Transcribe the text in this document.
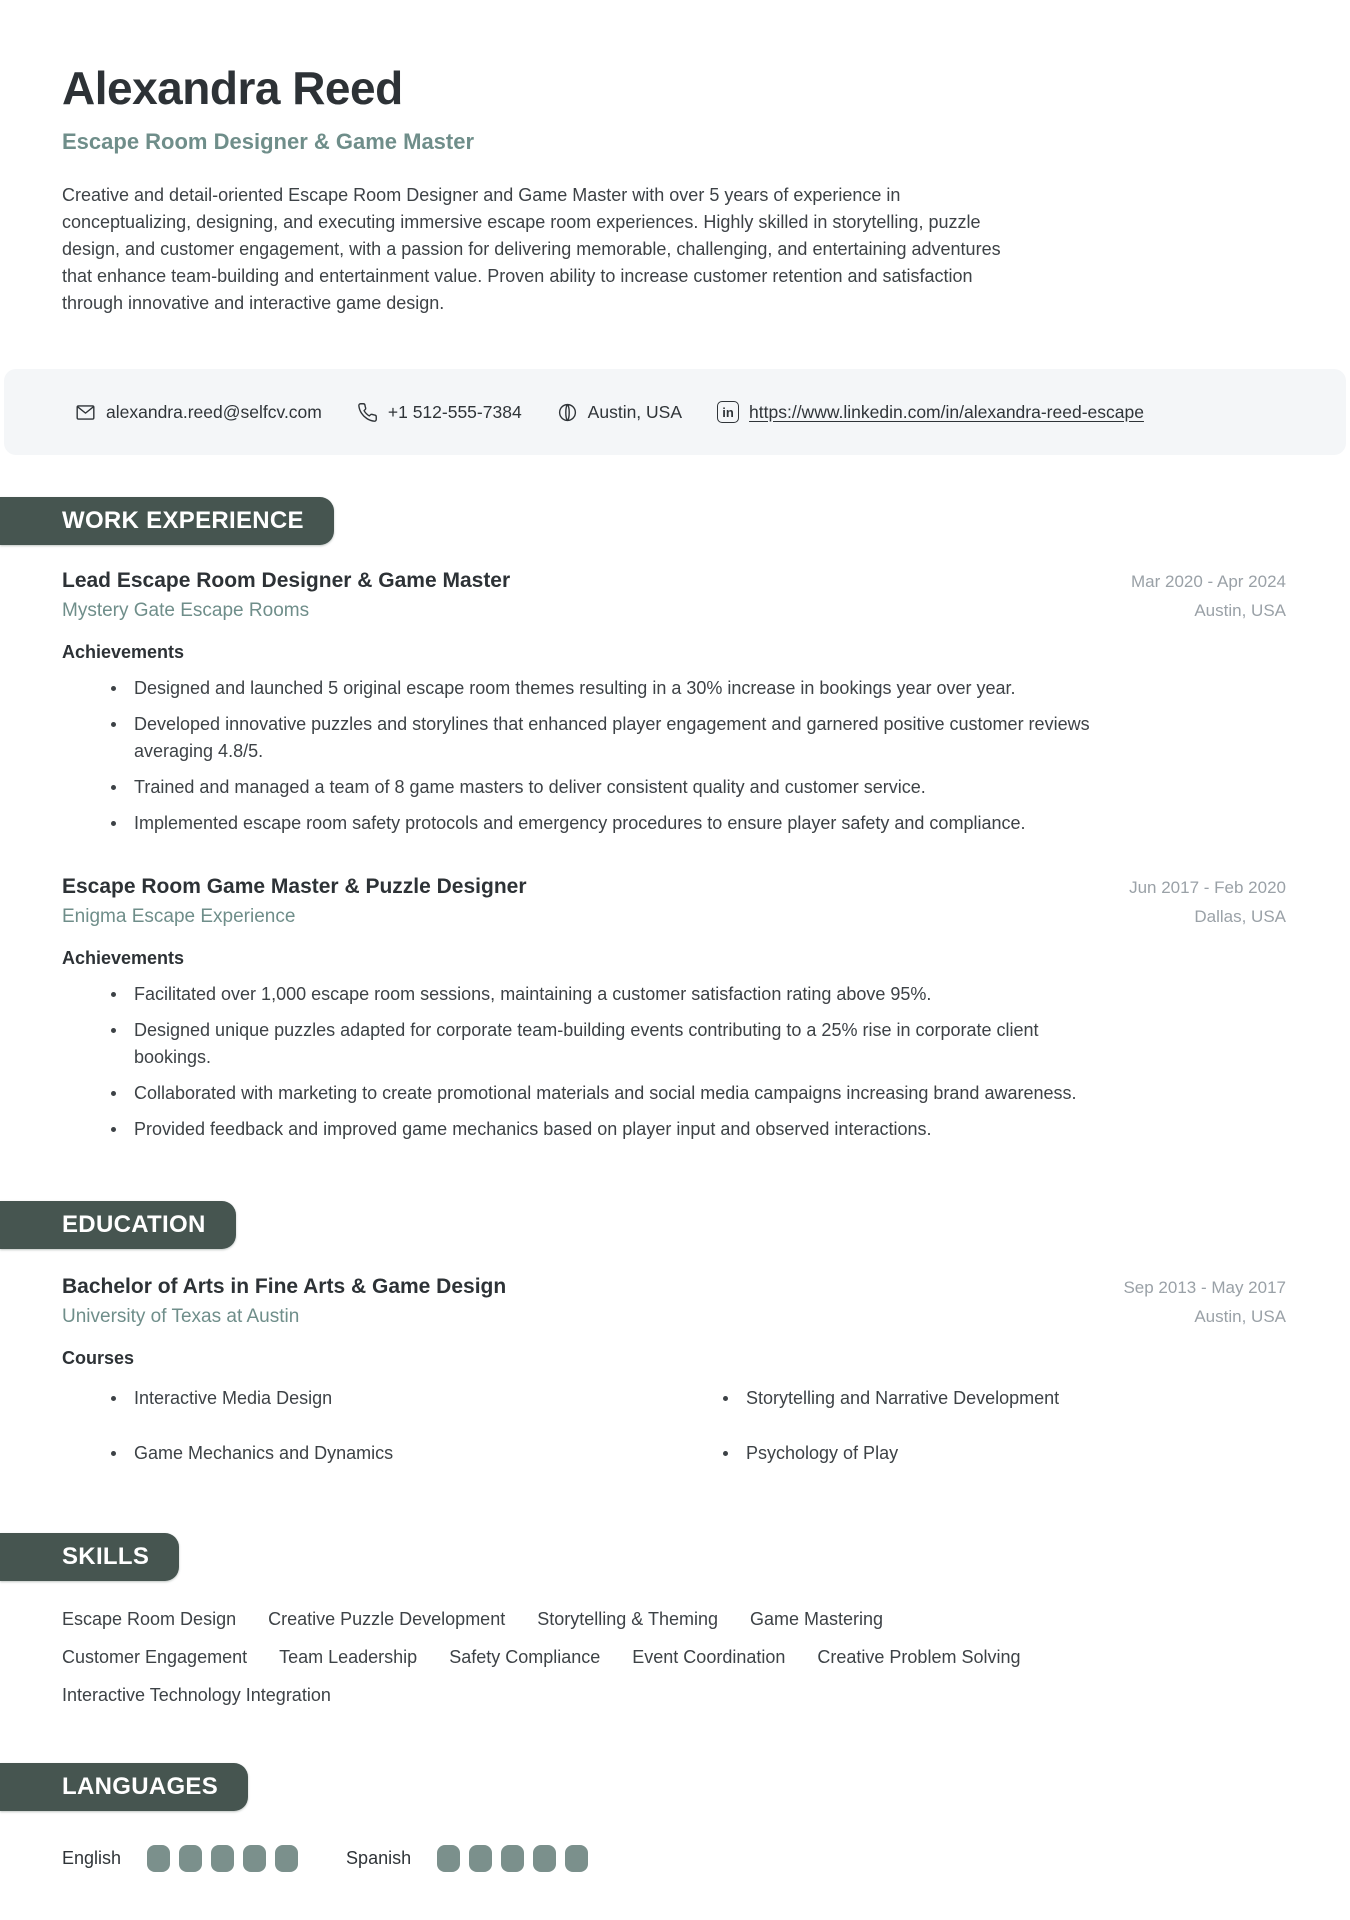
Alexandra Reed
Escape Room Designer & Game Master

Creative and detail-oriented Escape Room Designer and Game Master with over 5 years of experience in conceptualizing, designing, and executing immersive escape room experiences. Highly skilled in storytelling, puzzle design, and customer engagement, with a passion for delivering memorable, challenging, and entertaining adventures that enhance team-building and entertainment value. Proven ability to increase customer retention and satisfaction through innovative and interactive game design.

alexandra.reed@selfcv.com	+1 512-555-7384	Austin, USA	in https://www.linkedin.com/in/alexandra-reed-escape
WORK EXPERIENCE
Lead Escape Room Designer & Game Master	Mar 2020 - Apr 2024
Mystery Gate Escape Rooms	Austin, USA
Achievements
Designed and launched 5 original escape room themes resulting in a 30% increase in bookings year over year.
Developed innovative puzzles and storylines that enhanced player engagement and garnered positive customer reviews averaging 4.8/5.
Trained and managed a team of 8 game masters to deliver consistent quality and customer service.
Implemented escape room safety protocols and emergency procedures to ensure player safety and compliance.
Escape Room Game Master & Puzzle Designer	Jun 2017 - Feb 2020
Enigma Escape Experience	Dallas, USA
Achievements
Facilitated over 1,000 escape room sessions, maintaining a customer satisfaction rating above 95%.
Designed unique puzzles adapted for corporate team-building events contributing to a 25% rise in corporate client bookings.
Collaborated with marketing to create promotional materials and social media campaigns increasing brand awareness.
Provided feedback and improved game mechanics based on player input and observed interactions.
EDUCATION
Bachelor of Arts in Fine Arts & Game Design	Sep 2013 - May 2017
University of Texas at Austin	Austin, USA
Courses
Interactive Media Design	Storytelling and Narrative Development
Game Mechanics and Dynamics	Psychology of Play
SKILLS
Escape Room Design Creative Puzzle Development Storytelling & Theming Game Mastering
Customer Engagement Team Leadership Safety Compliance Event Coordination Creative Problem Solving
Interactive Technology Integration
LANGUAGES
English	Spanish
